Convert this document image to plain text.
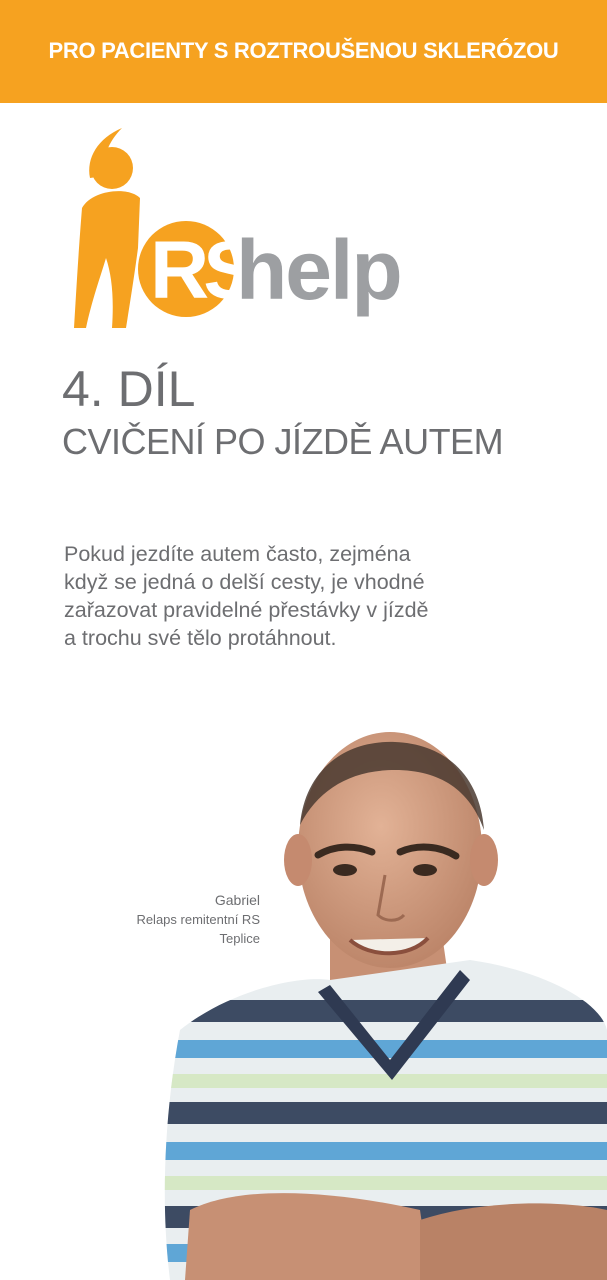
PRO PACIENTY S ROZTROUŠENOU SKLERÓZOU
RS
help
4. DÍL
CVIČENÍ PO JÍZDĚ AUTEM
Pokud jezdíte autem často, zejména
když se jedná o delší cesty, je vhodné
zařazovat pravidelné přestávky v jízdě
a trochu své tělo protáhnout.
Gabriel
Relaps remitentní RS
Teplice
